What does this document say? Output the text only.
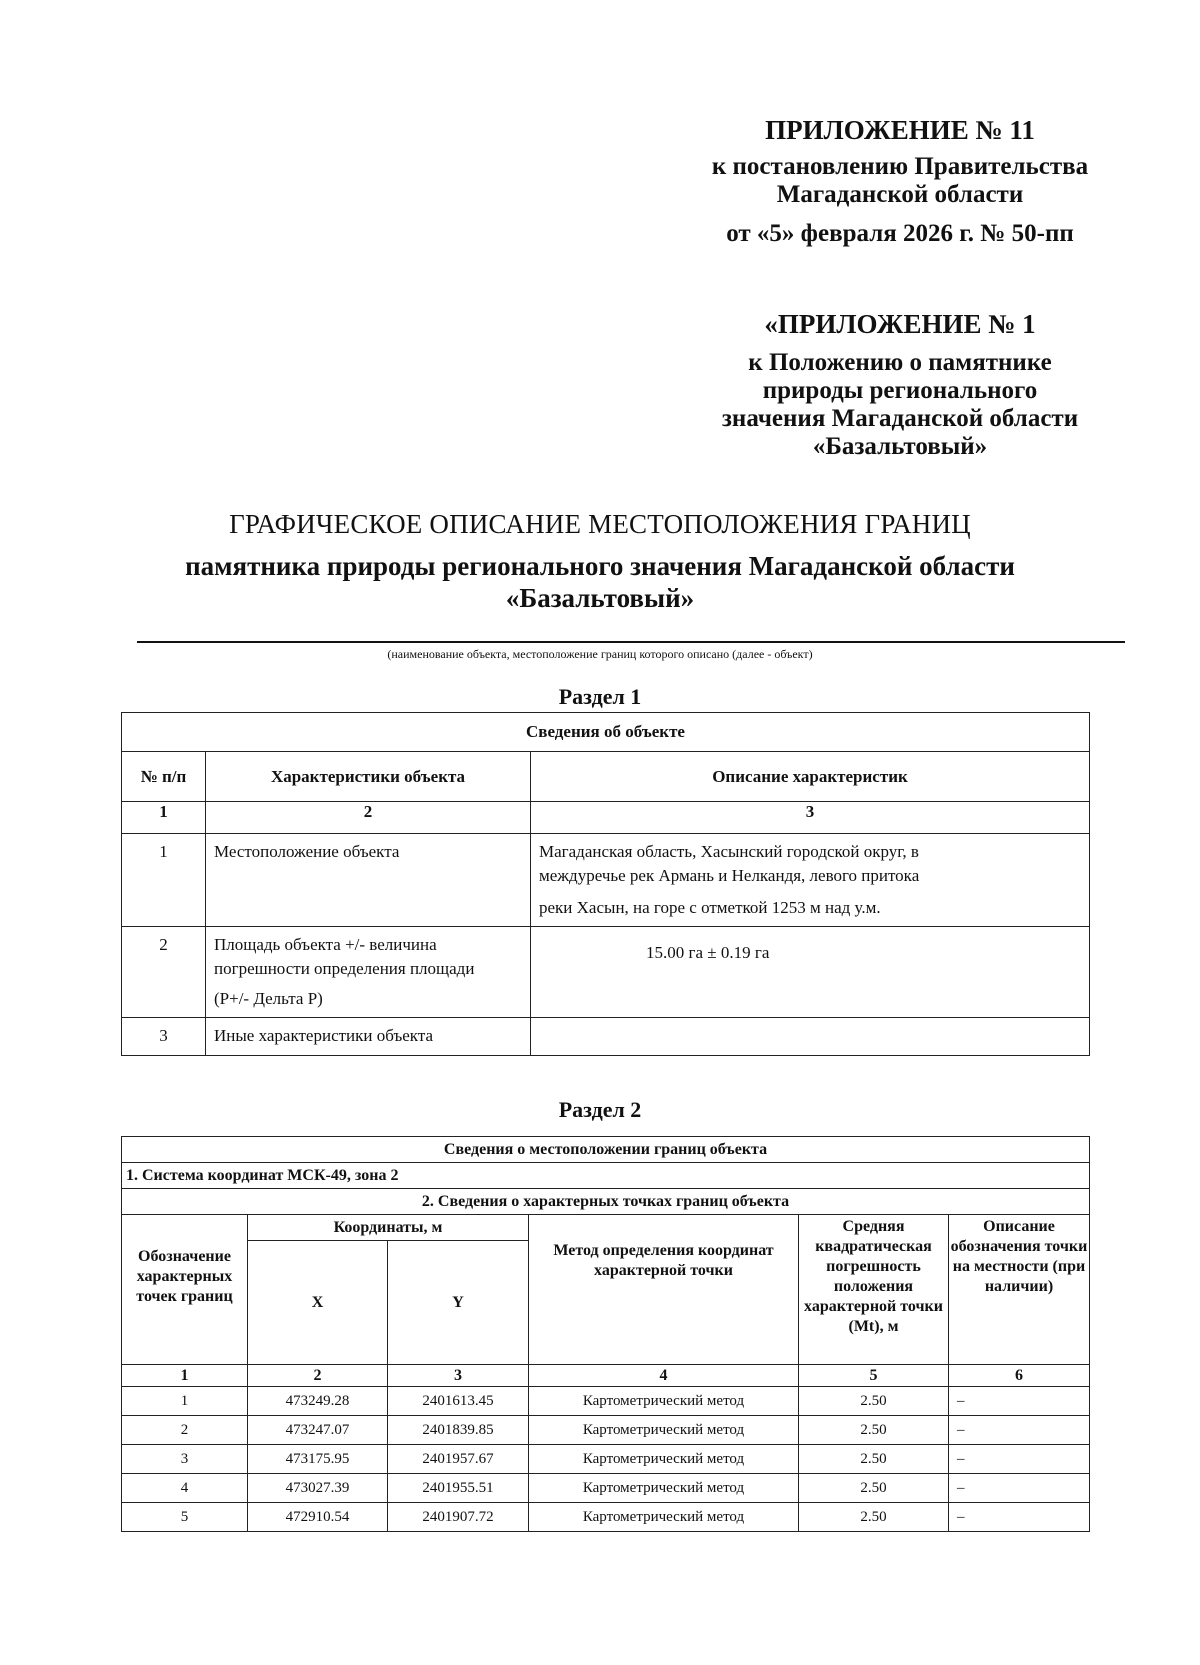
ПРИЛОЖЕНИЕ № 11
к постановлению Правительства
Магаданской области
от «5» февраля 2026 г. № 50-пп
«ПРИЛОЖЕНИЕ № 1
к Положению о памятнике
природы регионального
значения Магаданской области
«Базальтовый»
ГРАФИЧЕСКОЕ ОПИСАНИЕ МЕСТОПОЛОЖЕНИЯ ГРАНИЦ
памятника природы регионального значения Магаданской области
«Базальтовый»
(наименование объекта, местоположение границ которого описано (далее - объект)
Раздел 1
Сведения об объекте		
№ п/п	Характеристики объекта	Описание характеристик
1	2	3
1	Местоположение объекта	Магаданская область, Хасынский городской округ, в
междуречье рек Армань и Нелкандя, левого притока
реки Хасын, на горе с отметкой 1253 м над у.м.

2	Площадь объекта +/- величина
погрешности определения площади
(Р+/- Дельта Р)	15.00 га ± 0.19 га
3	Иные характеристики объекта	
Раздел 2
Сведения о местоположении границ объекта					
1. Система координат МСК-49, зона 2					
2. Сведения о характерных точках границ объекта					
Обозначение характерных точек границ	Координаты, м		Метод определения координат характерной точки	Средняя квадратическая погрешность положения характерной точки (Mt), м	Описание обозначения точки на местности (при наличии)
	X	Y			
1	2	3	4	5	6
1	473249.28	2401613.45	Картометрический метод	2.50	–
2	473247.07	2401839.85	Картометрический метод	2.50	–
3	473175.95	2401957.67	Картометрический метод	2.50	–
4	473027.39	2401955.51	Картометрический метод	2.50	–
5	472910.54	2401907.72	Картометрический метод	2.50	–
